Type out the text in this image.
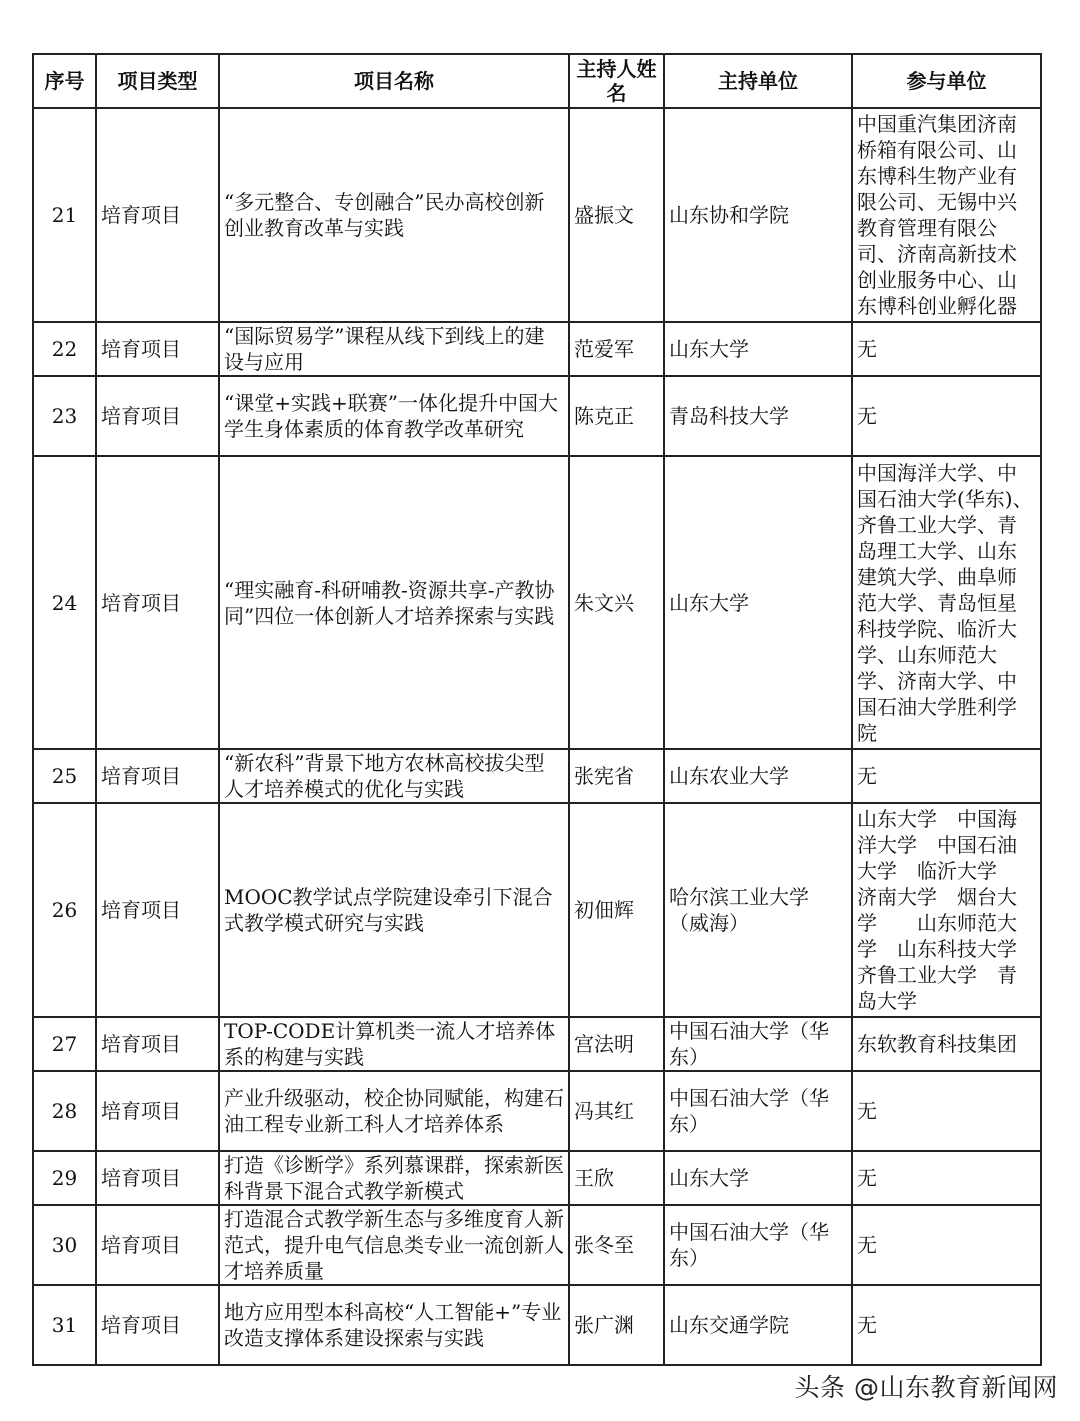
序号	项目类型	项目名称	主持人姓名	主持单位	参与单位
21	培育项目	“多元整合、专创融合”民办高校创新创业教育改革与实践	盛振文	山东协和学院	中国重汽集团济南桥箱有限公司、山东博科生物产业有限公司、无锡中兴教育管理有限公司、济南高新技术创业服务中心、山东博科创业孵化器
22	培育项目	“国际贸易学”课程从线下到线上的建设与应用	范爱军	山东大学	无
23	培育项目	“课堂+实践+联赛”一体化提升中国大学生身体素质的体育教学改革研究	陈克正	青岛科技大学	无
24	培育项目	“理实融育-科研哺教-资源共享-产教协同”四位一体创新人才培养探索与实践	朱文兴	山东大学	中国海洋大学、中国石油大学(华东)、齐鲁工业大学、青岛理工大学、山东建筑大学、曲阜师范大学、青岛恒星科技学院、临沂大学、山东师范大学、济南大学、中国石油大学胜利学院
25	培育项目	“新农科”背景下地方农林高校拔尖型人才培养模式的优化与实践	张宪省	山东农业大学	无
26	培育项目	MOOC教学试点学院建设牵引下混合式教学模式研究与实践	初佃辉	哈尔滨工业大学（威海）	山东大学　中国海洋大学　中国石油大学　临沂大学　济南大学　烟台大学　　山东师范大学　山东科技大学 齐鲁工业大学　青岛大学
27	培育项目	TOP-CODE计算机类一流人才培养体系的构建与实践	宫法明	中国石油大学（华东）	东软教育科技集团
28	培育项目	产业升级驱动，校企协同赋能，构建石油工程专业新工科人才培养体系	冯其红	中国石油大学（华东）	无
29	培育项目	打造《诊断学》系列慕课群，探索新医科背景下混合式教学新模式	王欣	山东大学	无
30	培育项目	打造混合式教学新生态与多维度育人新范式，提升电气信息类专业一流创新人才培养质量	张冬至	中国石油大学（华东）	无
31	培育项目	地方应用型本科高校“人工智能+”专业改造支撑体系建设探索与实践	张广渊	山东交通学院	无
头条 @山东教育新闻网
